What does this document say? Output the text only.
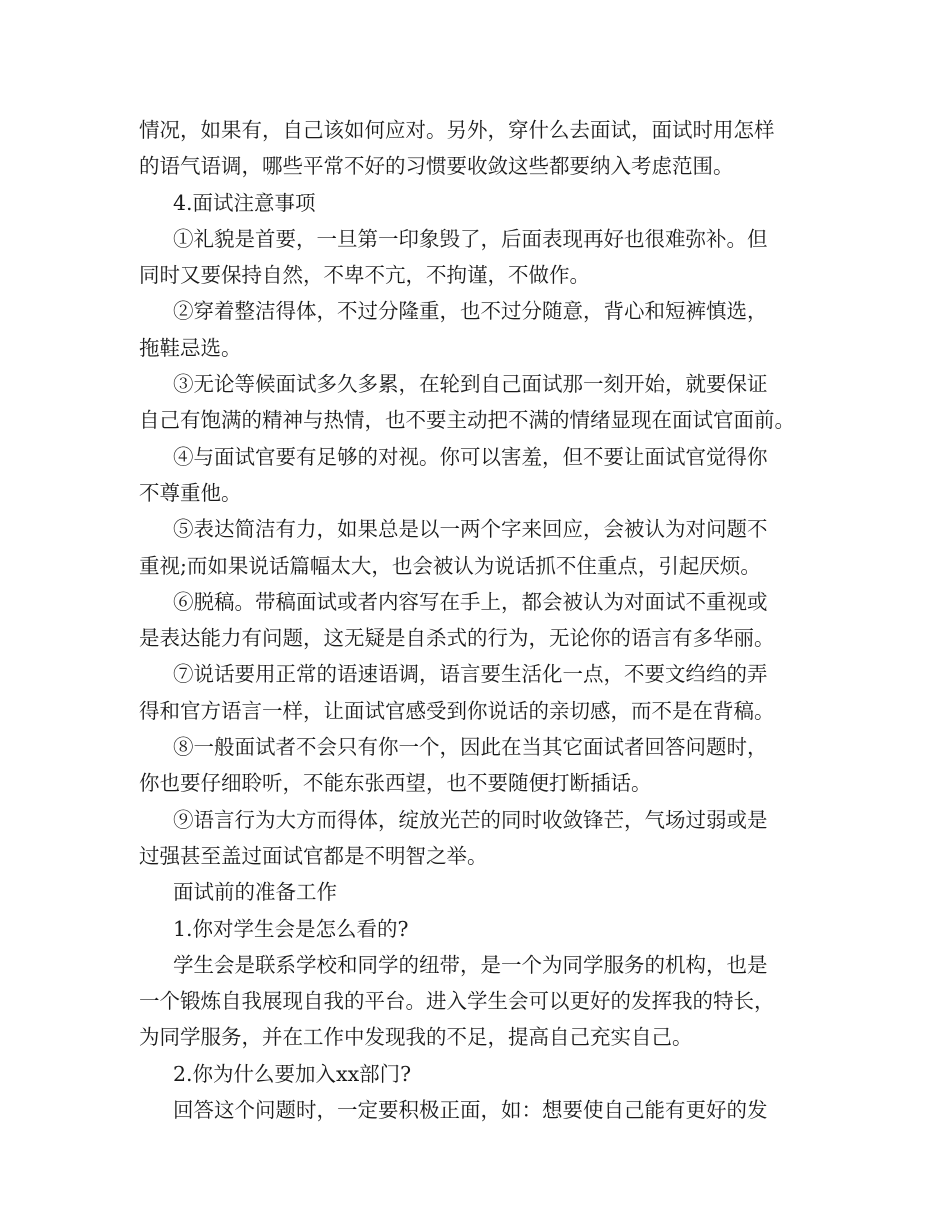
情况，如果有，自己该如何应对。另外，穿什么去面试，面试时用怎样

的语气语调，哪些平常不好的习惯要收敛这些都要纳入考虑范围。

4.面试注意事项

①礼貌是首要，一旦第一印象毁了，后面表现再好也很难弥补。但

同时又要保持自然，不卑不亢，不拘谨，不做作。

②穿着整洁得体，不过分隆重，也不过分随意，背心和短裤慎选，

拖鞋忌选。

③无论等候面试多久多累，在轮到自己面试那一刻开始，就要保证

自己有饱满的精神与热情，也不要主动把不满的情绪显现在面试官面前。

④与面试官要有足够的对视。你可以害羞，但不要让面试官觉得你

不尊重他。

⑤表达简洁有力，如果总是以一两个字来回应，会被认为对问题不

重视;而如果说话篇幅太大，也会被认为说话抓不住重点，引起厌烦。

⑥脱稿。带稿面试或者内容写在手上，都会被认为对面试不重视或

是表达能力有问题，这无疑是自杀式的行为，无论你的语言有多华丽。

⑦说话要用正常的语速语调，语言要生活化一点，不要文绉绉的弄

得和官方语言一样，让面试官感受到你说话的亲切感，而不是在背稿。

⑧一般面试者不会只有你一个，因此在当其它面试者回答问题时，

你也要仔细聆听，不能东张西望，也不要随便打断插话。

⑨语言行为大方而得体，绽放光芒的同时收敛锋芒，气场过弱或是

过强甚至盖过面试官都是不明智之举。

面试前的准备工作

1.你对学生会是怎么看的?

学生会是联系学校和同学的纽带，是一个为同学服务的机构，也是

一个锻炼自我展现自我的平台。进入学生会可以更好的发挥我的特长，

为同学服务，并在工作中发现我的不足，提高自己充实自己。

2.你为什么要加入xx部门?

回答这个问题时，一定要积极正面，如：想要使自己能有更好的发
